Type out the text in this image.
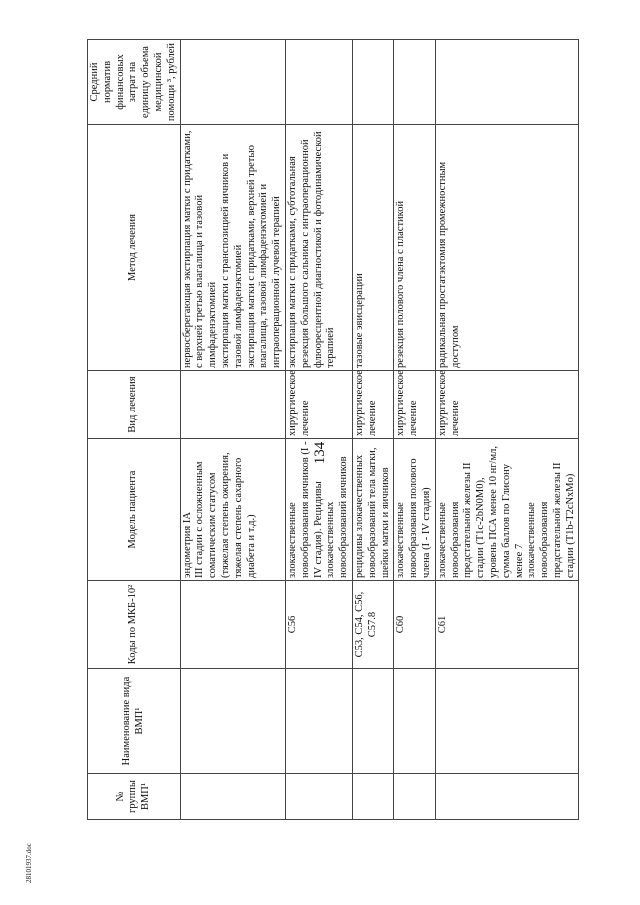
134
28101937.doc
№ группы ВМП¹	Наименование вида ВМП¹	Коды по МКБ-10²	Модель пациента	Вид лечения	Метод лечения	Средний норматив финансовых затрат на единицу объема медицинской помощи ³, рублей

			эндометрия IA III стадии с осложненным соматическим статусом (тяжелая степень ожирения, тяжелая степень сахарного диабета и т.д.)		нервосберегающая экстирпация матки с придатками, с верхней третью влагалища и тазовой лимфаденэктомией экстирпация матки с транспозицией яичников и тазовой лимфаденэктомией экстирпация матки с придатками, верхней третью влагалища, тазовой лимфаденэктомией и интраоперационной лучевой терапией	

		C56	злокачественные новообразования яичников (I - IV стадия). Рецидивы злокачественных новообразований яичников	хирургическое лечение	экстирпация матки с придатками, субтотальная резекция большого сальника с интраоперационной флюоресцентной диагностикой и фотодинамической терапией	

		C53, C54, C56, C57.8	рецидивы злокачественных новообразований тела матки, шейки матки и яичников	хирургическое лечение	тазовые эвисцерации	

		C60	злокачественные новообразования полового члена (I - IV стадия)	хирургическое лечение	резекция полового члена с пластикой	

		C61	злокачественные новообразования предстательной железы II стадии (T1c-2bN0M0), уровень ПСА менее 10 нг/мл, сумма баллов по Глисону менее 7 злокачественные новообразования предстательной железы II стадии (T1b-T2cNxMo)	хирургическое лечение	радикальная простатэктомия промежностным доступом	
